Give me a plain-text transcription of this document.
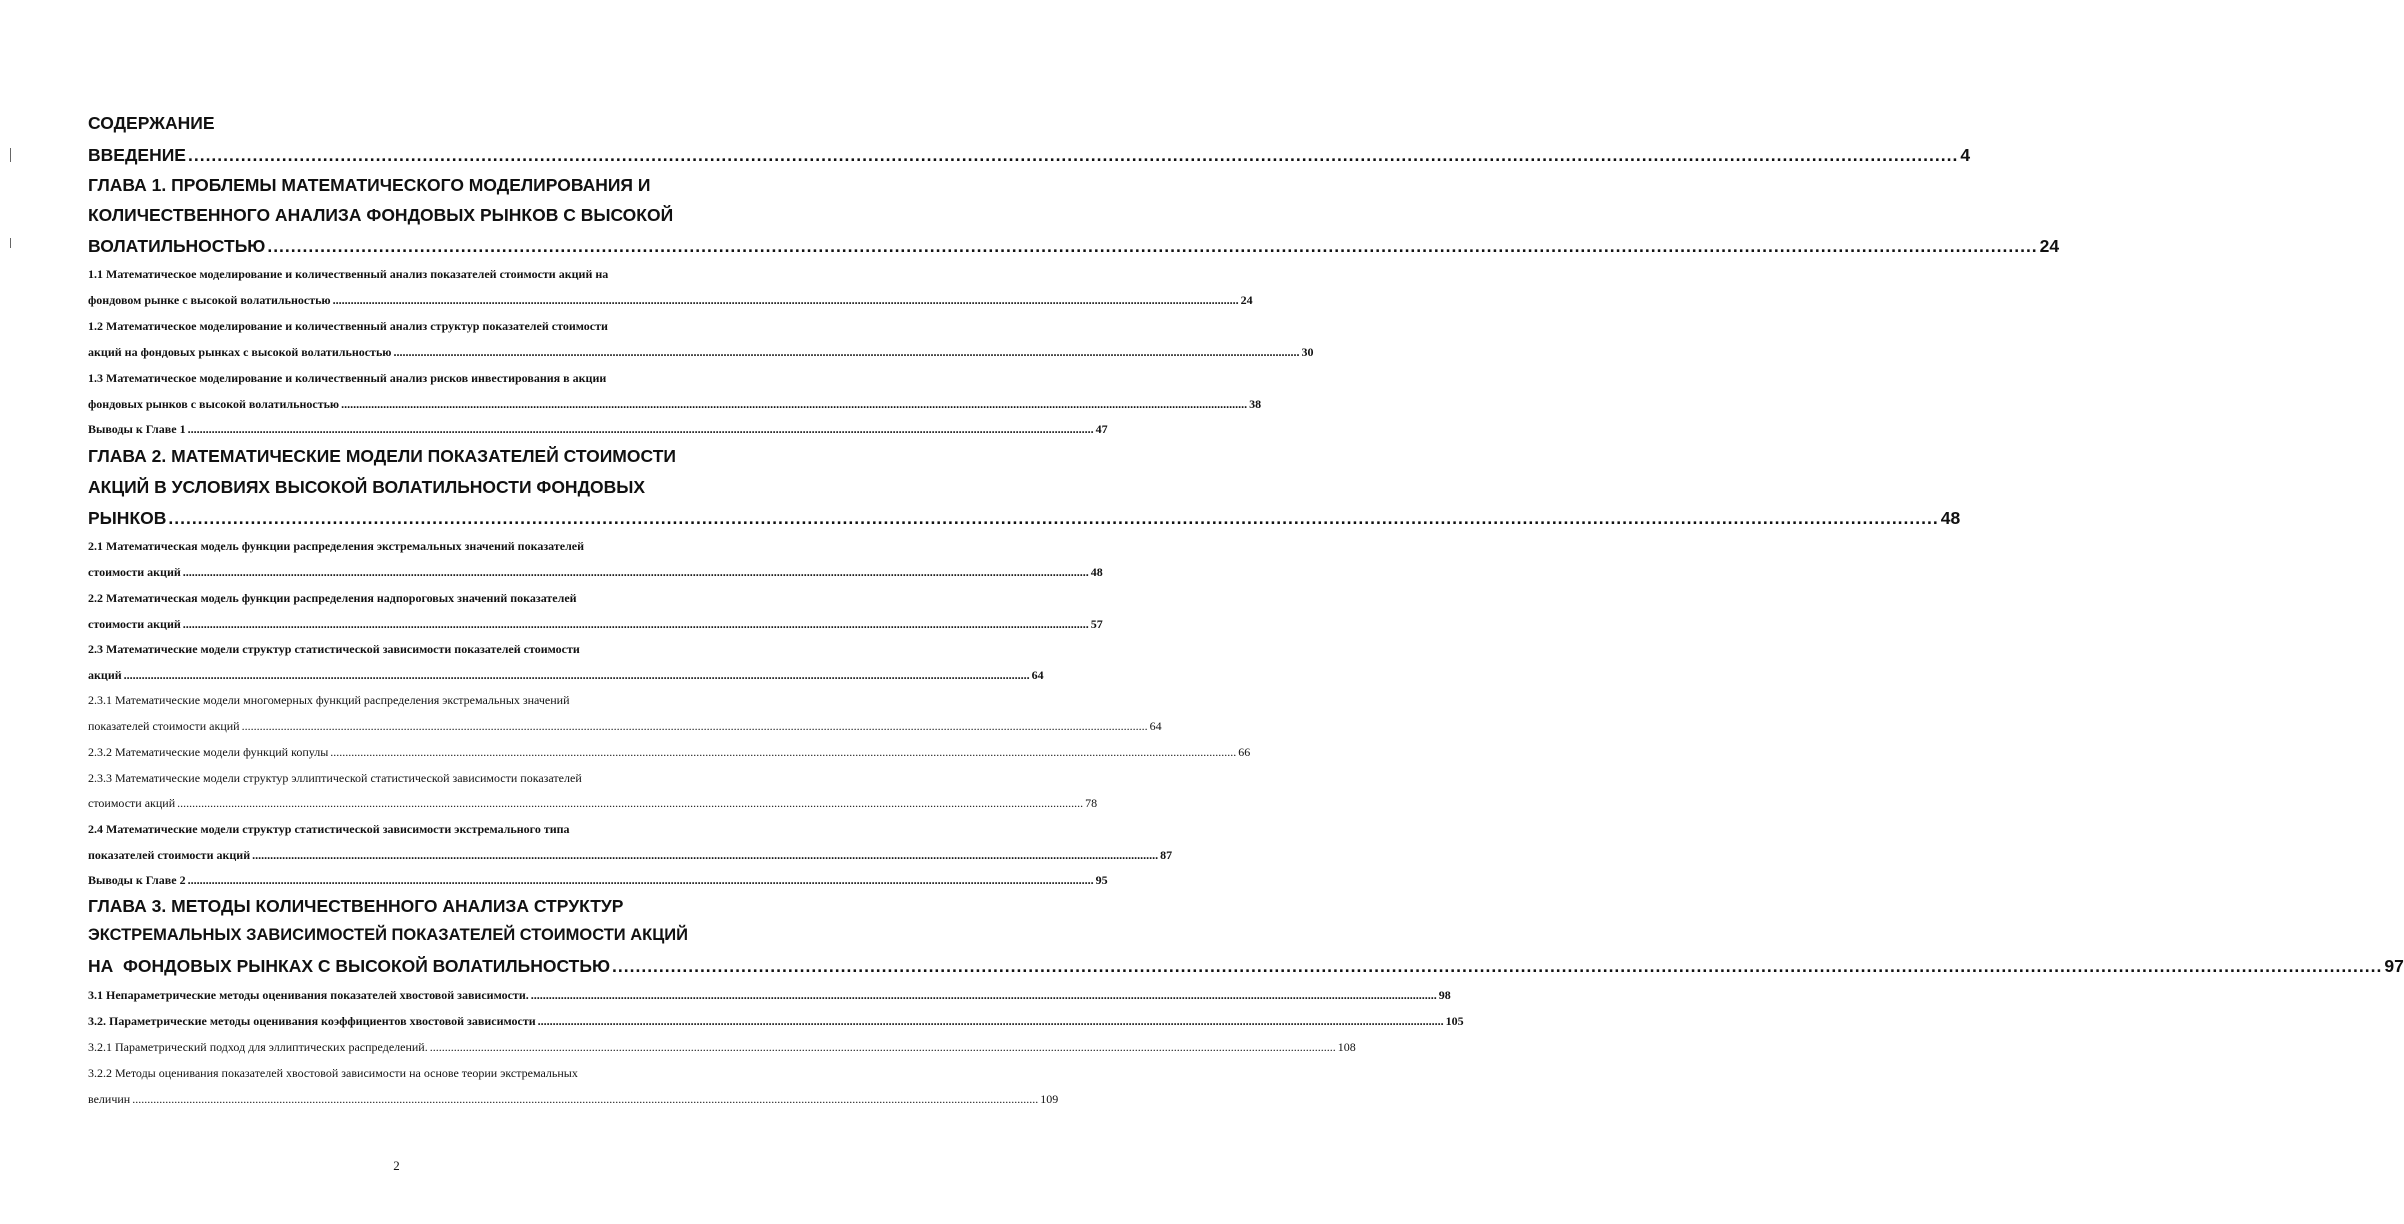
СОДЕРЖАНИЕ
ВВЕДЕНИЕ .....	4
ГЛАВА 1. ПРОБЛЕМЫ МАТЕМАТИЧЕСКОГО МОДЕЛИРОВАНИЯ И
КОЛИЧЕСТВЕННОГО АНАЛИЗА ФОНДОВЫХ РЫНКОВ С ВЫСОКОЙ
ВОЛАТИЛЬНОСТЬЮ .....	24
1.1 Математическое моделирование и количественный анализ показателей стоимости акций на
фондовом рынке с высокой волатильностью .....	24
1.2 Математическое моделирование и количественный анализ структур показателей стоимости
акций на фондовых рынках с высокой волатильностью .....	30
1.3 Математическое моделирование и количественный анализ рисков инвестирования в акции
фондовых рынков с высокой волатильностью .....	38
Выводы к Главе 1 .....	47
ГЛАВА 2. МАТЕМАТИЧЕСКИЕ МОДЕЛИ ПОКАЗАТЕЛЕЙ СТОИМОСТИ
АКЦИЙ В УСЛОВИЯХ ВЫСОКОЙ ВОЛАТИЛЬНОСТИ ФОНДОВЫХ
РЫНКОВ .....	48
2.1 Математическая модель функции распределения экстремальных значений показателей
стоимости акций .....	48
2.2 Математическая модель функции распределения надпороговых значений показателей
стоимости акций .....	57
2.3 Математические модели структур статистической зависимости показателей стоимости
акций .....	64
2.3.1 Математические модели многомерных функций распределения экстремальных значений
показателей стоимости акций .....	64
2.3.2 Математические модели функций копулы .....	66
2.3.3 Математические модели структур эллиптической статистической зависимости показателей
стоимости акций .....	78
2.4 Математические модели структур статистической зависимости экстремального типа
показателей стоимости акций .....	87
Выводы к Главе 2 .....	95
ГЛАВА 3. МЕТОДЫ КОЛИЧЕСТВЕННОГО АНАЛИЗА СТРУКТУР
ЭКСТРЕМАЛЬНЫХ ЗАВИСИМОСТЕЙ ПОКАЗАТЕЛЕЙ СТОИМОСТИ АКЦИЙ
НА  ФОНДОВЫХ РЫНКАХ С ВЫСОКОЙ ВОЛАТИЛЬНОСТЬЮ .....	97
3.1 Непараметрические методы оценивания показателей хвостовой зависимости. .....	98
3.2. Параметрические методы оценивания коэффициентов хвостовой зависимости .....	105
3.2.1 Параметрический подход для эллиптических распределений. .....	108
3.2.2 Методы оценивания показателей хвостовой зависимости на основе теории экстремальных
величин .....	109
2
